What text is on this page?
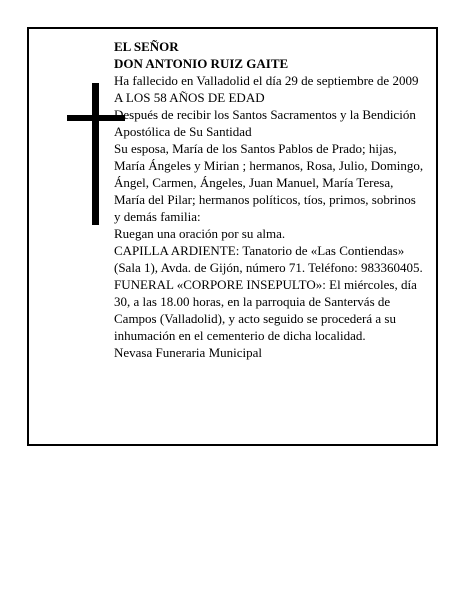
EL SEÑOR

DON ANTONIO RUIZ GAITE

Ha fallecido en Valladolid el día 29 de septiembre de 2009

A LOS 58 AÑOS DE EDAD

Después de recibir los Santos Sacramentos y la Bendición Apostólica de Su Santidad

Su esposa, María de los Santos Pablos de Prado; hijas, María Ángeles y Mirian ; hermanos, Rosa, Julio, Domingo, Ángel, Carmen, Ángeles, Juan Manuel, María Teresa, María del Pilar; hermanos políticos, tíos, primos, sobrinos y demás familia:

Ruegan una oración por su alma.

CAPILLA ARDIENTE: Tanatorio de «Las Contiendas» (Sala 1), Avda. de Gijón, número 71. Teléfono: 983360405.

FUNERAL «CORPORE INSEPULTO»: El miércoles, día 30, a las 18.00 horas, en la parroquia de Santervás de Campos (Valladolid), y acto seguido se procederá a su inhumación en el cementerio de dicha localidad.

Nevasa Funeraria Municipal
